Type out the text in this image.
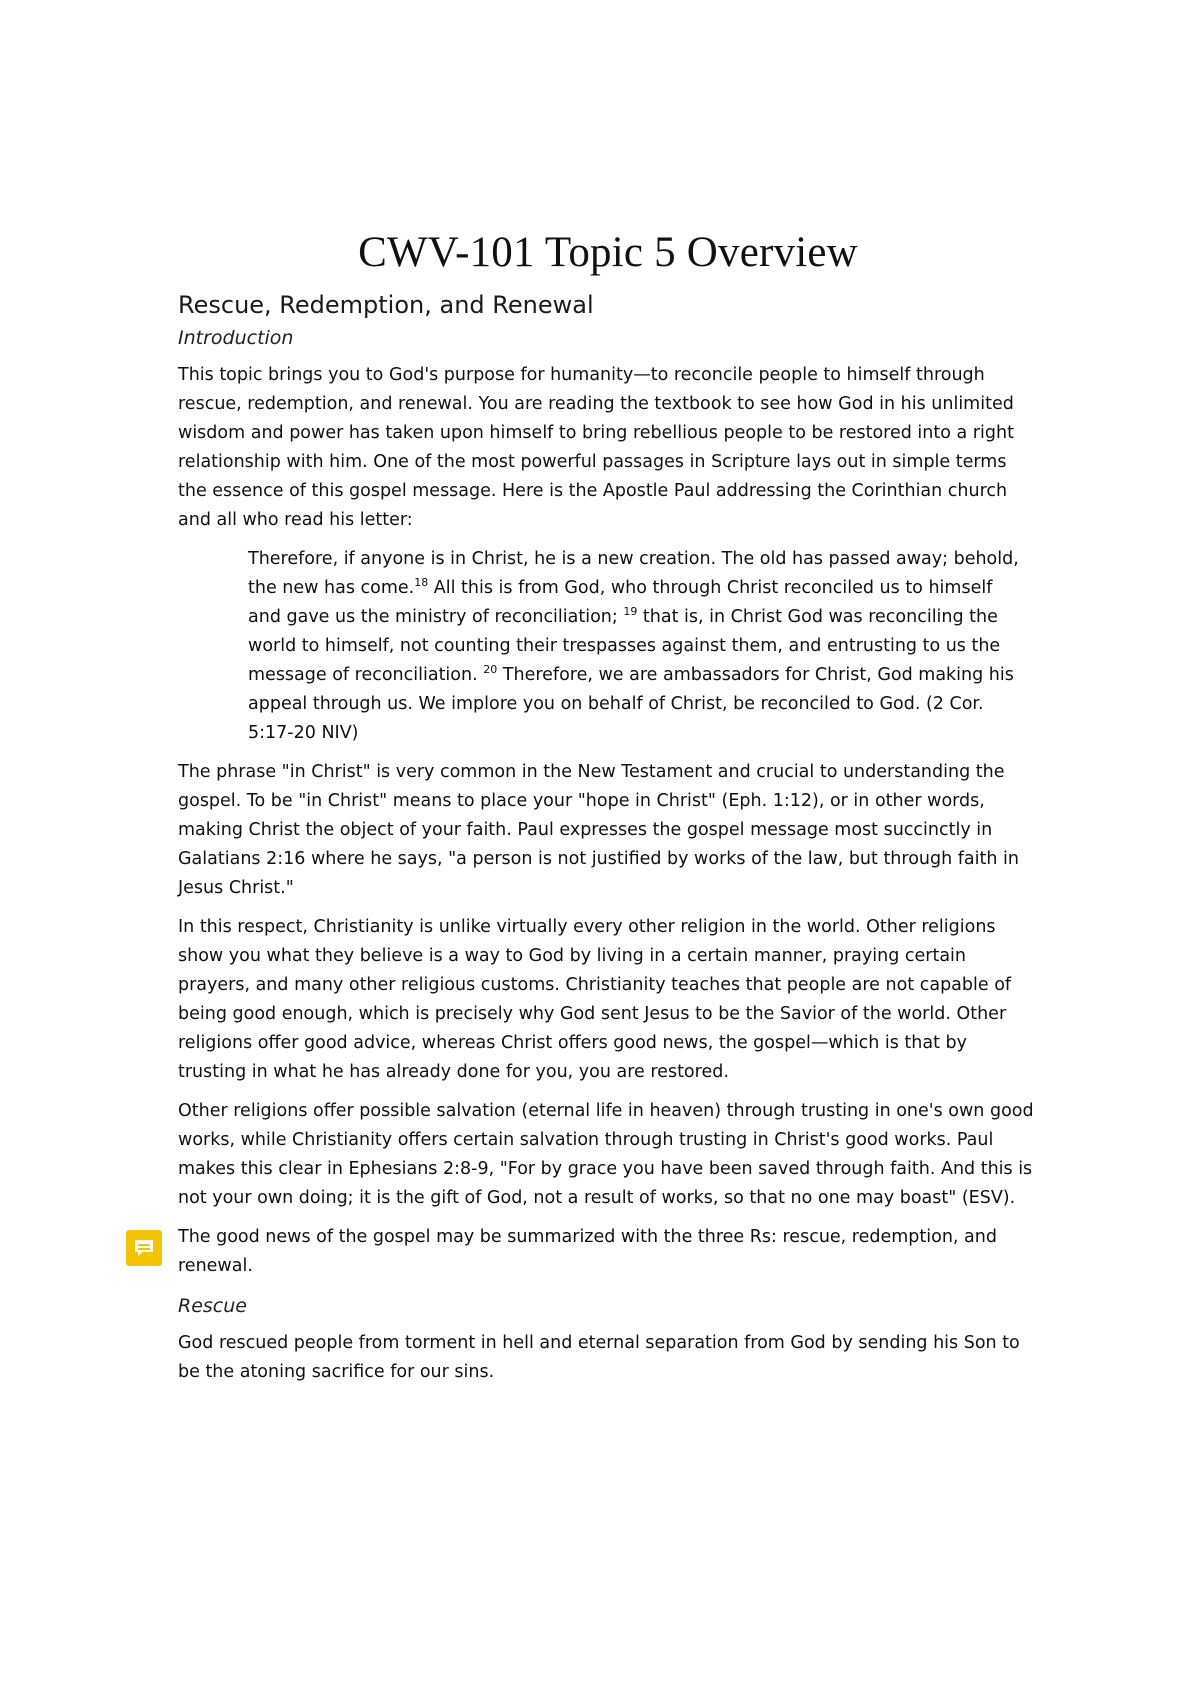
CWV-101 Topic 5 Overview
Rescue, Redemption, and Renewal
Introduction

This topic brings you to God's purpose for humanity—to reconcile people to himself through rescue, redemption, and renewal. You are reading the textbook to see how God in his unlimited wisdom and power has taken upon himself to bring rebellious people to be restored into a right relationship with him. One of the most powerful passages in Scripture lays out in simple terms the essence of this gospel message. Here is the Apostle Paul addressing the Corinthian church and all who read his letter:

Therefore, if anyone is in Christ, he is a new creation. The old has passed away; behold, the new has come.$^{18}$ All this is from God, who through Christ reconciled us to himself and gave us the ministry of reconciliation; $^{19}$ that is, in Christ God was reconciling the world to himself, not counting their trespasses against them, and entrusting to us the message of reconciliation. $^{20}$ Therefore, we are ambassadors for Christ, God making his appeal through us. We implore you on behalf of Christ, be reconciled to God. (2 Cor. 5:17-20 NIV)

The phrase "in Christ" is very common in the New Testament and crucial to understanding the gospel. To be "in Christ" means to place your "hope in Christ" (Eph. 1:12), or in other words, making Christ the object of your faith. Paul expresses the gospel message most succinctly in Galatians 2:16 where he says, "a person is not justified by works of the law, but through faith in Jesus Christ."

In this respect, Christianity is unlike virtually every other religion in the world. Other religions show you what they believe is a way to God by living in a certain manner, praying certain prayers, and many other religious customs. Christianity teaches that people are not capable of being good enough, which is precisely why God sent Jesus to be the Savior of the world. Other religions offer good advice, whereas Christ offers good news, the gospel—which is that by trusting in what he has already done for you, you are restored.

Other religions offer possible salvation (eternal life in heaven) through trusting in one's own good works, while Christianity offers certain salvation through trusting in Christ's good works. Paul makes this clear in Ephesians 2:8-9, "For by grace you have been saved through faith. And this is not your own doing; it is the gift of God, not a result of works, so that no one may boast" (ESV).

The good news of the gospel may be summarized with the three Rs: rescue, redemption, and renewal.

Rescue

God rescued people from torment in hell and eternal separation from God by sending his Son to be the atoning sacrifice for our sins.
